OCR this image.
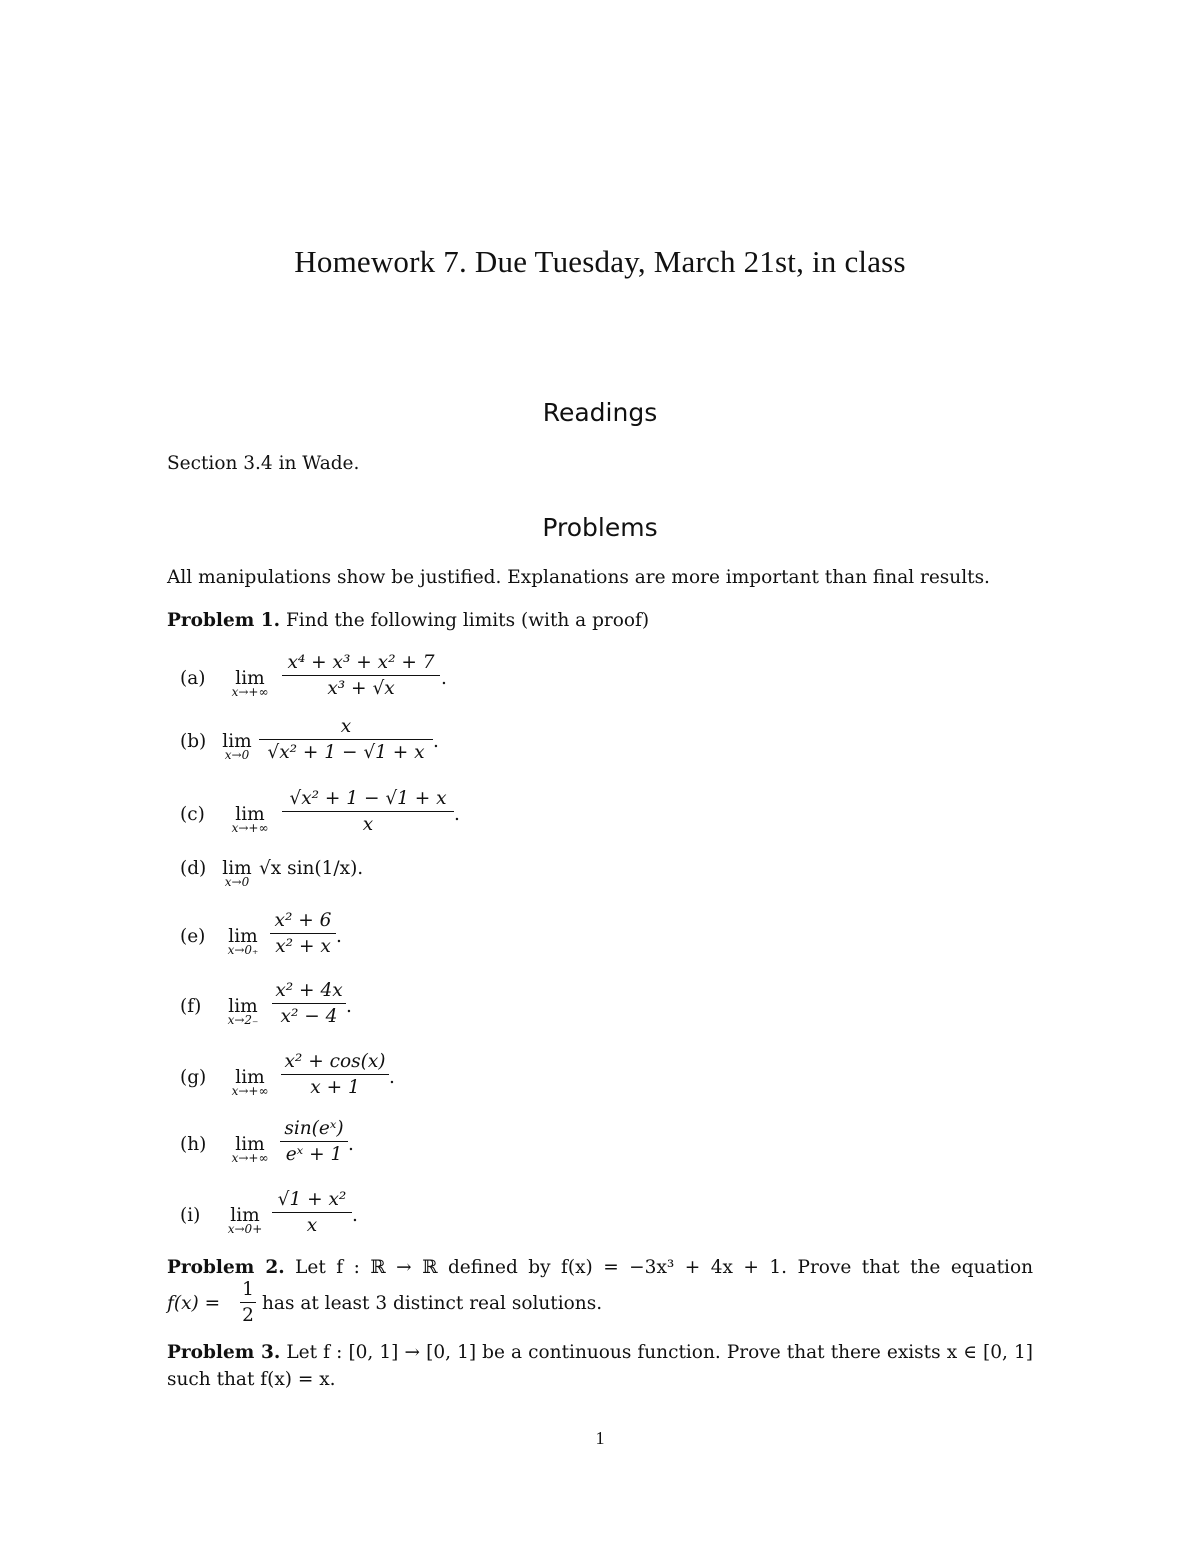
Homework 7. Due Tuesday, March 21st, in class
Readings
Section 3.4 in Wade.
Problems
All manipulations show be justified. Explanations are more important than final results.
Problem 1. Find the following limits (with a proof)
(a)	lim
x→+∞
x⁴ + x³ + x² + 7
x³ + √x	.
(b) lim
x→0
x
√x² + 1 − √1 + x
.
(c)	lim
x→+∞
√x² + 1 − √1 + x
x	.
(d) lim
x→0
√x sin(1/x).
(e)	lim
x→0₊
x² + 6
x² + x .
(f)	lim
x→2₋
x² + 4x
x² − 4 .
(g)	lim
x→+∞
x² + cos(x)
x + 1	.
(h)	lim
x→+∞
sin(eˣ)
eˣ + 1 .
(i)	lim
x→0+
√1 + x²
x	.
Problem 2. Let f : ℝ → ℝ defined by f(x) = −3x³ + 4x + 1. Prove that the equation
f(x) =
1
2
has at least 3 distinct real solutions.
Problem 3. Let f : [0, 1] → [0, 1] be a continuous function. Prove that there exists x ∈ [0, 1]
such that f(x) = x.
1
